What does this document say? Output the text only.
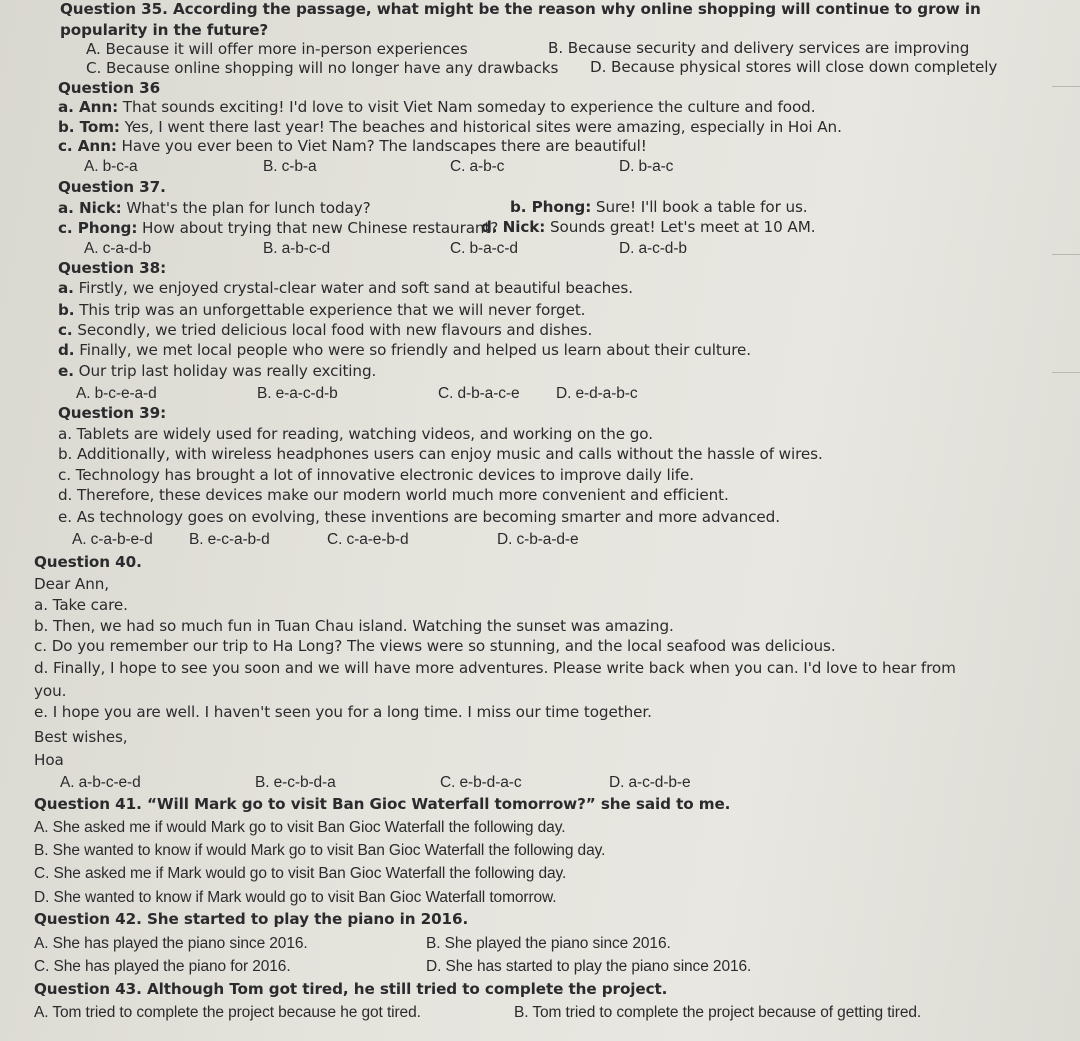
Question 35. According the passage, what might be the reason why online shopping will continue to grow in
popularity in the future?
A. Because it will offer more in-person experiences	B. Because security and delivery services are improving
C. Because online shopping will no longer have any drawbacks D. Because physical stores will close down completely
Question 36
a. Ann: That sounds exciting! I'd love to visit Viet Nam someday to experience the culture and food.
b. Tom: Yes, I went there last year! The beaches and historical sites were amazing, especially in Hoi An.
c. Ann: Have you ever been to Viet Nam? The landscapes there are beautiful!
A. b-c-a	B. c-b-a	C. a-b-c	D. b-a-c
Question 37.
a. Nick: What's the plan for lunch today?	b. Phong: Sure! I'll book a table for us.
c. Phong: How about trying that new Chinese restaurant?
d. Nick: Sounds great! Let's meet at 10 AM.
A. c-a-d-b	B. a-b-c-d	C. b-a-c-d	D. a-c-d-b
Question 38:
a. Firstly, we enjoyed crystal-clear water and soft sand at beautiful beaches.
b. This trip was an unforgettable experience that we will never forget.
c. Secondly, we tried delicious local food with new flavours and dishes.
d. Finally, we met local people who were so friendly and helped us learn about their culture.
e. Our trip last holiday was really exciting.
A. b-c-e-a-d	B. e-a-c-d-b	C. d-b-a-c-e D. e-d-a-b-c
Question 39:
a. Tablets are widely used for reading, watching videos, and working on the go.
b. Additionally, with wireless headphones users can enjoy music and calls without the hassle of wires.
c. Technology has brought a lot of innovative electronic devices to improve daily life.
d. Therefore, these devices make our modern world much more convenient and efficient.
e. As technology goes on evolving, these inventions are becoming smarter and more advanced.
A. c-a-b-e-d B. e-c-a-b-d	C. c-a-e-b-d	D. c-b-a-d-e
Question 40.
Dear Ann,
a. Take care.
b. Then, we had so much fun in Tuan Chau island. Watching the sunset was amazing.
c. Do you remember our trip to Ha Long? The views were so stunning, and the local seafood was delicious.
d. Finally, I hope to see you soon and we will have more adventures. Please write back when you can. I'd love to hear from
you.
e. I hope you are well. I haven't seen you for a long time. I miss our time together.
Best wishes,
Hoa
A. a-b-c-e-d	B. e-c-b-d-a	C. e-b-d-a-c	D. a-c-d-b-e
Question 41. “Will Mark go to visit Ban Gioc Waterfall tomorrow?” she said to me.
A. She asked me if would Mark go to visit Ban Gioc Waterfall the following day.
B. She wanted to know if would Mark go to visit Ban Gioc Waterfall the following day.
C. She asked me if Mark would go to visit Ban Gioc Waterfall the following day.
D. She wanted to know if Mark would go to visit Ban Gioc Waterfall tomorrow.
Question 42. She started to play the piano in 2016.
A. She has played the piano since 2016.	B. She played the piano since 2016.
C. She has played the piano for 2016.	D. She has started to play the piano since 2016.
Question 43. Although Tom got tired, he still tried to complete the project.
A. Tom tried to complete the project because he got tired.	B. Tom tried to complete the project because of getting tired.
